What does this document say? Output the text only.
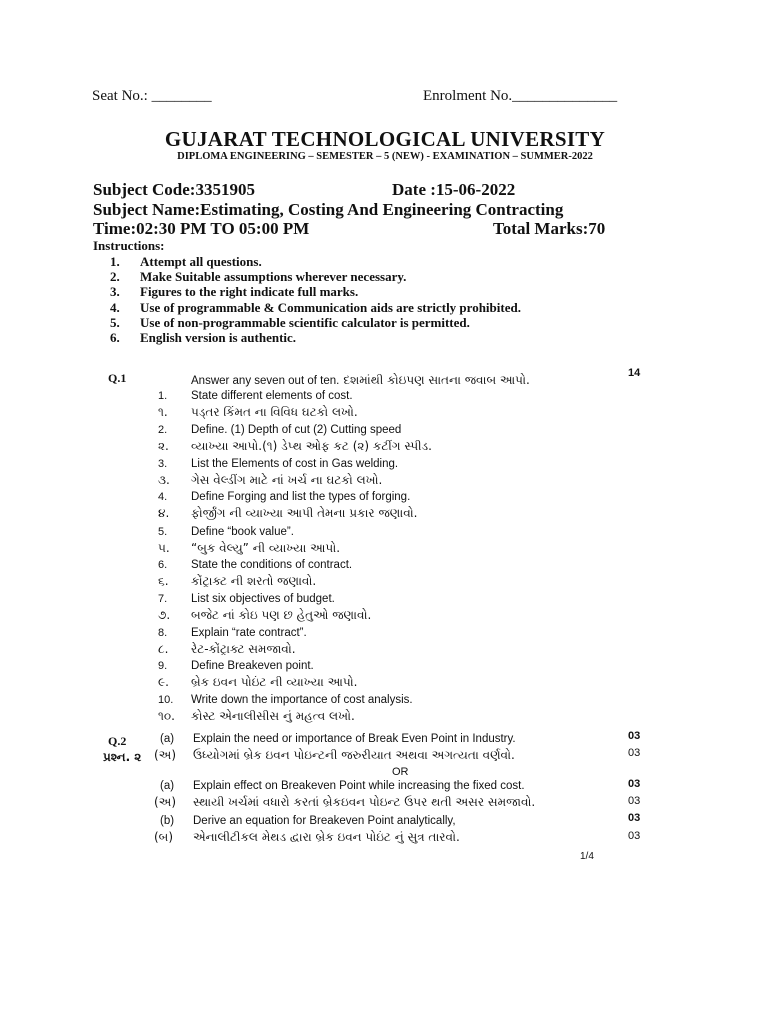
Seat No.: ________	Enrolment No.______________
GUJARAT TECHNOLOGICAL UNIVERSITY
DIPLOMA ENGINEERING – SEMESTER – 5 (NEW) - EXAMINATION – SUMMER-2022
Subject Code:3351905	Date :15-06-2022
Subject Name:Estimating, Costing And Engineering Contracting
Time:02:30 PM TO 05:00 PM	Total Marks:70
Instructions:
1. Attempt all questions.
2. Make Suitable assumptions wherever necessary.
3. Figures to the right indicate full marks.
4. Use of programmable & Communication aids are strictly prohibited.
5. Use of non-programmable scientific calculator is permitted.
6. English version is authentic.
Q.1	14
Answer any seven out of ten. દશમાંથી કોઇપણ સાતના જવાબ આપો.
1. State different elements of cost.
૧. પડ્તર કિંમત ના વિવિધ ઘટકો લખો.
2. Define. (1) Depth of cut (2) Cutting speed
૨. વ્યાખ્યા આપો.(૧) ડેપ્થ ઓફ કટ (૨) કટીંગ સ્પીડ.
3. List the Elements of cost in Gas welding.
૩. ગેસ વેલ્ડીંગ માટે નાં ખર્ચ ના ઘટકો લખો.
4. Define Forging and list the types of forging.
૪. ફોર્જીંગ ની વ્યાખ્યા આપી તેમના પ્રકાર જણાવો.
5. Define “book value”.
૫. “બુક વેલ્યુ” ની વ્યાખ્યા આપો.
6. State the conditions of contract.
૬. કોંટ્રાક્ટ ની શરતો જણાવો.
7. List six objectives of budget.
૭. બજેટ નાં કોઇ પણ છ હેતુઓ જણાવો.
8. Explain “rate contract”.
૮. રેટ-કોંટ્રાક્ટ સમજાવો.
9. Define Breakeven point.
૯. બ્રેક ઇવન પોઇંટ ની વ્યાખ્યા આપો.
10. Write down the importance of cost analysis.
૧૦. કોસ્ટ એનાલીસીસ નું મહત્વ લખો.
Q.2
પ્રશ્ન. ૨
(a) Explain the need or importance of Break Even Point in Industry.	03
(અ) ઉધ્યોગમાં બ્રેક ઇવન પોઇન્ટની જરુરીયાત અથવા અગત્યતા વર્ણવો.	03
OR
(a) Explain effect on Breakeven Point while increasing the fixed cost.	03
(અ) સ્થાયી ખર્ચમાં વધારો કરતાં બ્રેકઇવન પોઇન્ટ ઉપર થતી અસર સમજાવો.	03
(b) Derive an equation for Breakeven Point analytically,	03
(બ) એનાલીટીકલ મેથડ દ્વારા બ્રેક ઇવન પોઇંટ નું સુત્ર તારવો.	03
1/4
